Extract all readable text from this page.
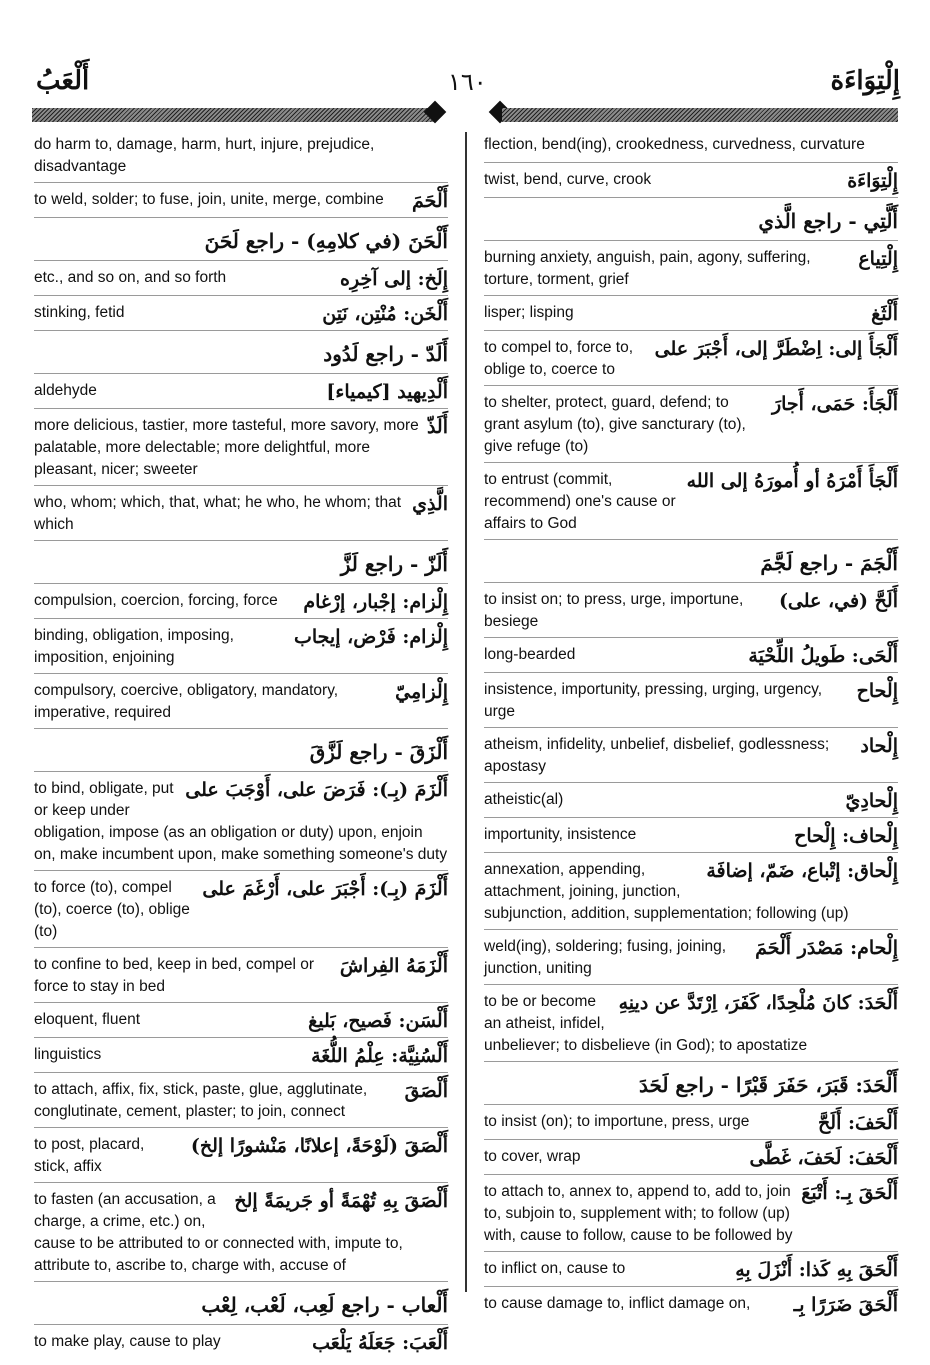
أَلْعَبُ	١٦٠	إِلْتِوَاءَة
do harm to, damage, harm, hurt, injure, prejudice, disadvantage
أَلْحَمَ
to weld, solder; to fuse, join, unite, merge, combine
أَلْحَنَ (في كلامِهِ) - راجع لَحَنَ
إِلَخ: إلى آخِرِه
etc., and so on, and so forth
أَلْخَن: مُنْتِن، نَتِن
stinking, fetid
أَلَدّ - راجع لَدُود
أَلْدِيهيد [كيمياء]
aldehyde
أَلَذّ
more delicious, tastier, more tasteful, more savory, more palatable, more delectable; more delightful, more pleasant, nicer; sweeter
الَّذِي
who, whom; which, that, what; he who, he whom; that which
أَلَزّ - راجع لَزَّ
إِلْزام: إجْبار، إرْغام
compulsion, coercion, forcing, force
إِلْزام: فَرْض، إيجاب
binding, obligation, imposing, imposition, enjoining
إِلْزامِيّ
compulsory, coercive, obligatory, mandatory, imperative, required
أَلْزَقَ - راجع لَزَّقَ
أَلْزَمَ (بِـ): فَرَضَ على، أَوْجَبَ على
to bind, obligate, put or keep under obligation, impose (as an obligation or duty) upon, enjoin on, make incumbent upon, make something someone's duty
أَلْزَمَ (بِـ): أَجْبَرَ على، أَرْغَمَ على
to force (to), compel (to), coerce (to), oblige (to)
أَلْزَمَهُ الفِراشَ
to confine to bed, keep in bed, compel or force to stay in bed
أَلْسَن: فَصيح، بَليغ
eloquent, fluent
أَلْسُنِيَّة: عِلْمُ اللُّغَة
linguistics
أَلْصَقَ
to attach, affix, fix, stick, paste, glue, agglutinate, conglutinate, cement, plaster; to join, connect
أَلْصَقَ (لَوْحَةً، إعلانًا، مَنْشورًا إلخ)
to post, placard, stick, affix
أَلْصَقَ بِهِ تُهْمَةً أو جَريمَةً إلخ
to fasten (an accusation, a charge, a crime, etc.) on, cause to be attributed to or connected with, impute to, attribute to, ascribe to, charge with, accuse of
أَلْعاب - راجع لَعِب، لَعْب، لِعْب
أَلْعَبَ: جَعَلَهُ يَلْعَب
to make play, cause to play
flection, bend(ing), crookedness, curvedness, curvature
إِلْتِوَاءَة
twist, bend, curve, crook
أَلَّتِي - راجع الَّذي
إِلْتِياع
burning anxiety, anguish, pain, agony, suffering, torture, torment, grief
أَلْثَغ
lisper; lisping
أَلْجَأَ إلى: اِضْطَرَّ إلى، أَجْبَرَ على
to compel to, force to, oblige to, coerce to
أَلْجَأَ: حَمَى، أَجارَ
to shelter, protect, guard, defend; to grant asylum (to), give sancturary (to), give refuge (to)
أَلْجَأَ أَمْرَهُ أو أُمورَهُ إلى الله
to entrust (commit, recommend) one's cause or affairs to God
أَلْجَمَ - راجع لَجَّمَ
أَلَحَّ (في، على)
to insist on; to press, urge, importune, besiege
أَلْحَى: طَويلُ اللِّحْيَة
long-bearded
إِلْحاح
insistence, importunity, pressing, urging, urgency, urge
إِلْحاد
atheism, infidelity, unbelief, disbelief, godlessness; apostasy
إِلْحادِيّ
atheistic(al)
إِلْحاف: إِلْحاح
importunity, insistence
إِلْحاق: إتْباع، ضَمّ، إضافَة
annexation, appending, attachment, joining, junction, subjunction, addition, supplementation; following (up)
إِلْحام: مَصْدَر أَلْحَمَ
weld(ing), soldering; fusing, joining, junction, uniting
أَلْحَدَ: كانَ مُلْحِدًا، كَفَرَ، اِرْتَدَّ عن دينِهِ
to be or become an atheist, infidel, unbeliever; to disbelieve (in God); to apostatize
أَلْحَدَ: قَبَرَ، حَفَرَ قَبْرًا - راجع لَحَدَ
أَلْحَفَ: أَلَحَّ
to insist (on); to importune, press, urge
أَلْحَفَ: لَحَفَ، غَطَّى
to cover, wrap
أَلْحَقَ بِـ: أَتْبَعَ
to attach to, annex to, append to, add to, join to, subjoin to, supplement with; to follow (up) with, cause to follow, cause to be followed by
أَلْحَقَ بِهِ كَذا: أَنْزَلَ بِهِ
to inflict on, cause to
أَلْحَقَ ضَرَرًا بِـ
to cause damage to, inflict damage on,
